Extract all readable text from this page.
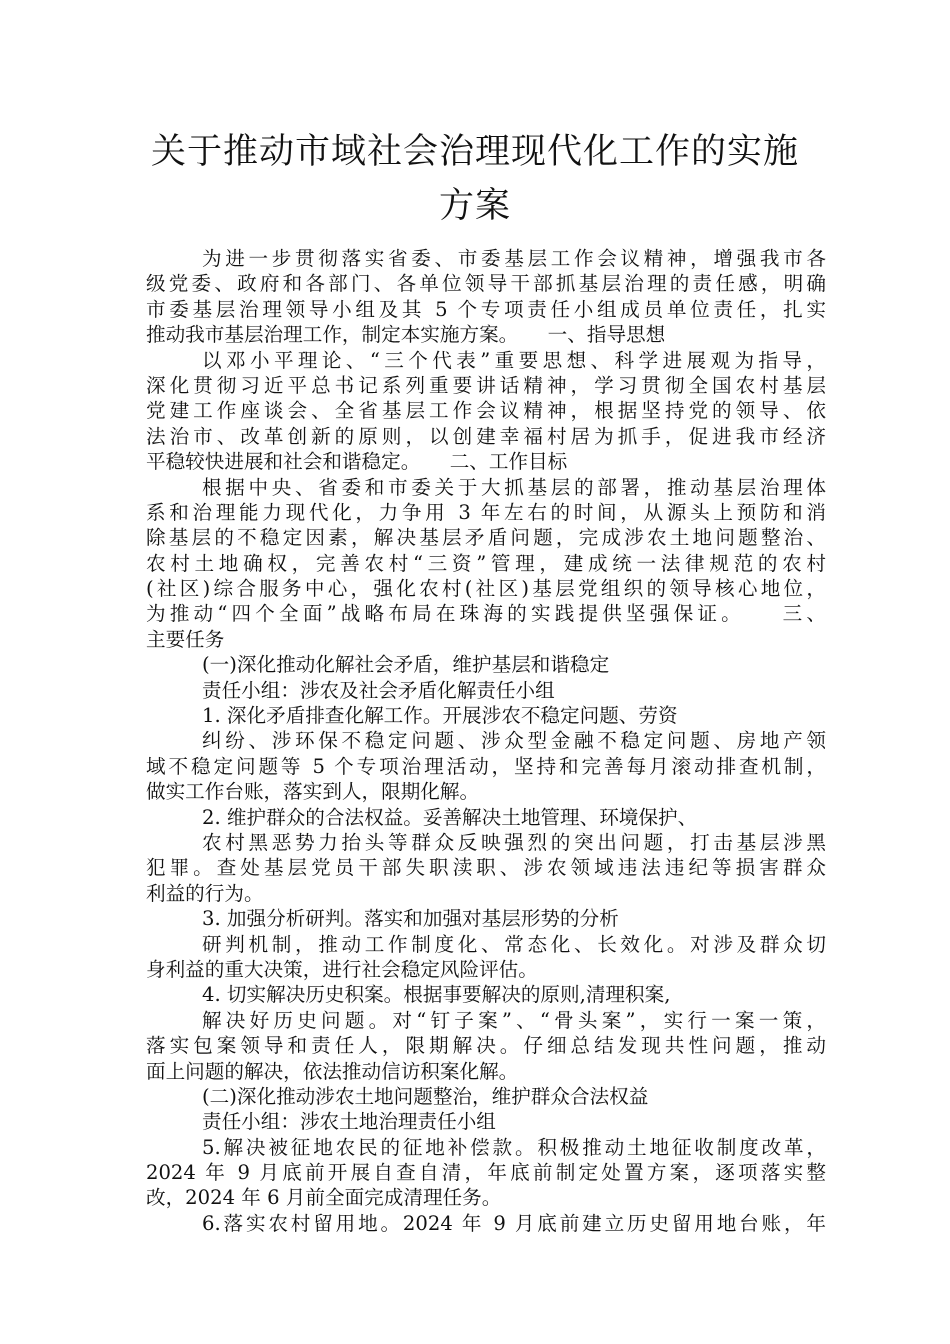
关于推动市域社会治理现代化工作的实施
方案
为进一步贯彻落实省委、市委基层工作会议精神，增强我市各
级党委、政府和各部门、各单位领导干部抓基层治理的责任感，明确
市委基层治理领导小组及其 5 个专项责任小组成员单位责任，扎实
推动我市基层治理工作，制定本实施方案。　　一、指导思想
以邓小平理论、“三个代表”重要思想、科学进展观为指导，
深化贯彻习近平总书记系列重要讲话精神，学习贯彻全国农村基层
党建工作座谈会、全省基层工作会议精神，根据坚持党的领导、依
法治市、改革创新的原则，以创建幸福村居为抓手，促进我市经济
平稳较快进展和社会和谐稳定。　　二、工作目标
根据中央、省委和市委关于大抓基层的部署，推动基层治理体
系和治理能力现代化，力争用 3 年左右的时间，从源头上预防和消
除基层的不稳定因素，解决基层矛盾问题，完成涉农土地问题整治、
农村土地确权，完善农村“三资”管理，建成统一法律规范的农村
(社区)综合服务中心，强化农村(社区)基层党组织的领导核心地位，
为推动“四个全面”战略布局在珠海的实践提供坚强保证。　　三、
主要任务
(一)深化推动化解社会矛盾，维护基层和谐稳定
责任小组：涉农及社会矛盾化解责任小组
1. 深化矛盾排查化解工作。开展涉农不稳定问题、劳资
纠纷、涉环保不稳定问题、涉众型金融不稳定问题、房地产领
域不稳定问题等 5 个专项治理活动，坚持和完善每月滚动排查机制，
做实工作台账，落实到人，限期化解。
2. 维护群众的合法权益。妥善解决土地管理、环境保护、
农村黑恶势力抬头等群众反映强烈的突出问题，打击基层涉黑
犯罪。查处基层党员干部失职渎职、涉农领域违法违纪等损害群众
利益的行为。
3. 加强分析研判。落实和加强对基层形势的分析
研判机制，推动工作制度化、常态化、长效化。对涉及群众切
身利益的重大决策，进行社会稳定风险评估。
4. 切实解决历史积案。根据事要解决的原则,清理积案,
解决好历史问题。对“钉子案”、“骨头案”，实行一案一策，
落实包案领导和责任人，限期解决。仔细总结发现共性问题，推动
面上问题的解决，依法推动信访积案化解。
(二)深化推动涉农土地问题整治，维护群众合法权益
责任小组：涉农土地治理责任小组
5.解决被征地农民的征地补偿款。积极推动土地征收制度改革，
2024 年 9 月底前开展自查自清，年底前制定处置方案，逐项落实整
改，2024 年 6 月前全面完成清理任务。
6.落实农村留用地。2024 年 9 月底前建立历史留用地台账，年
